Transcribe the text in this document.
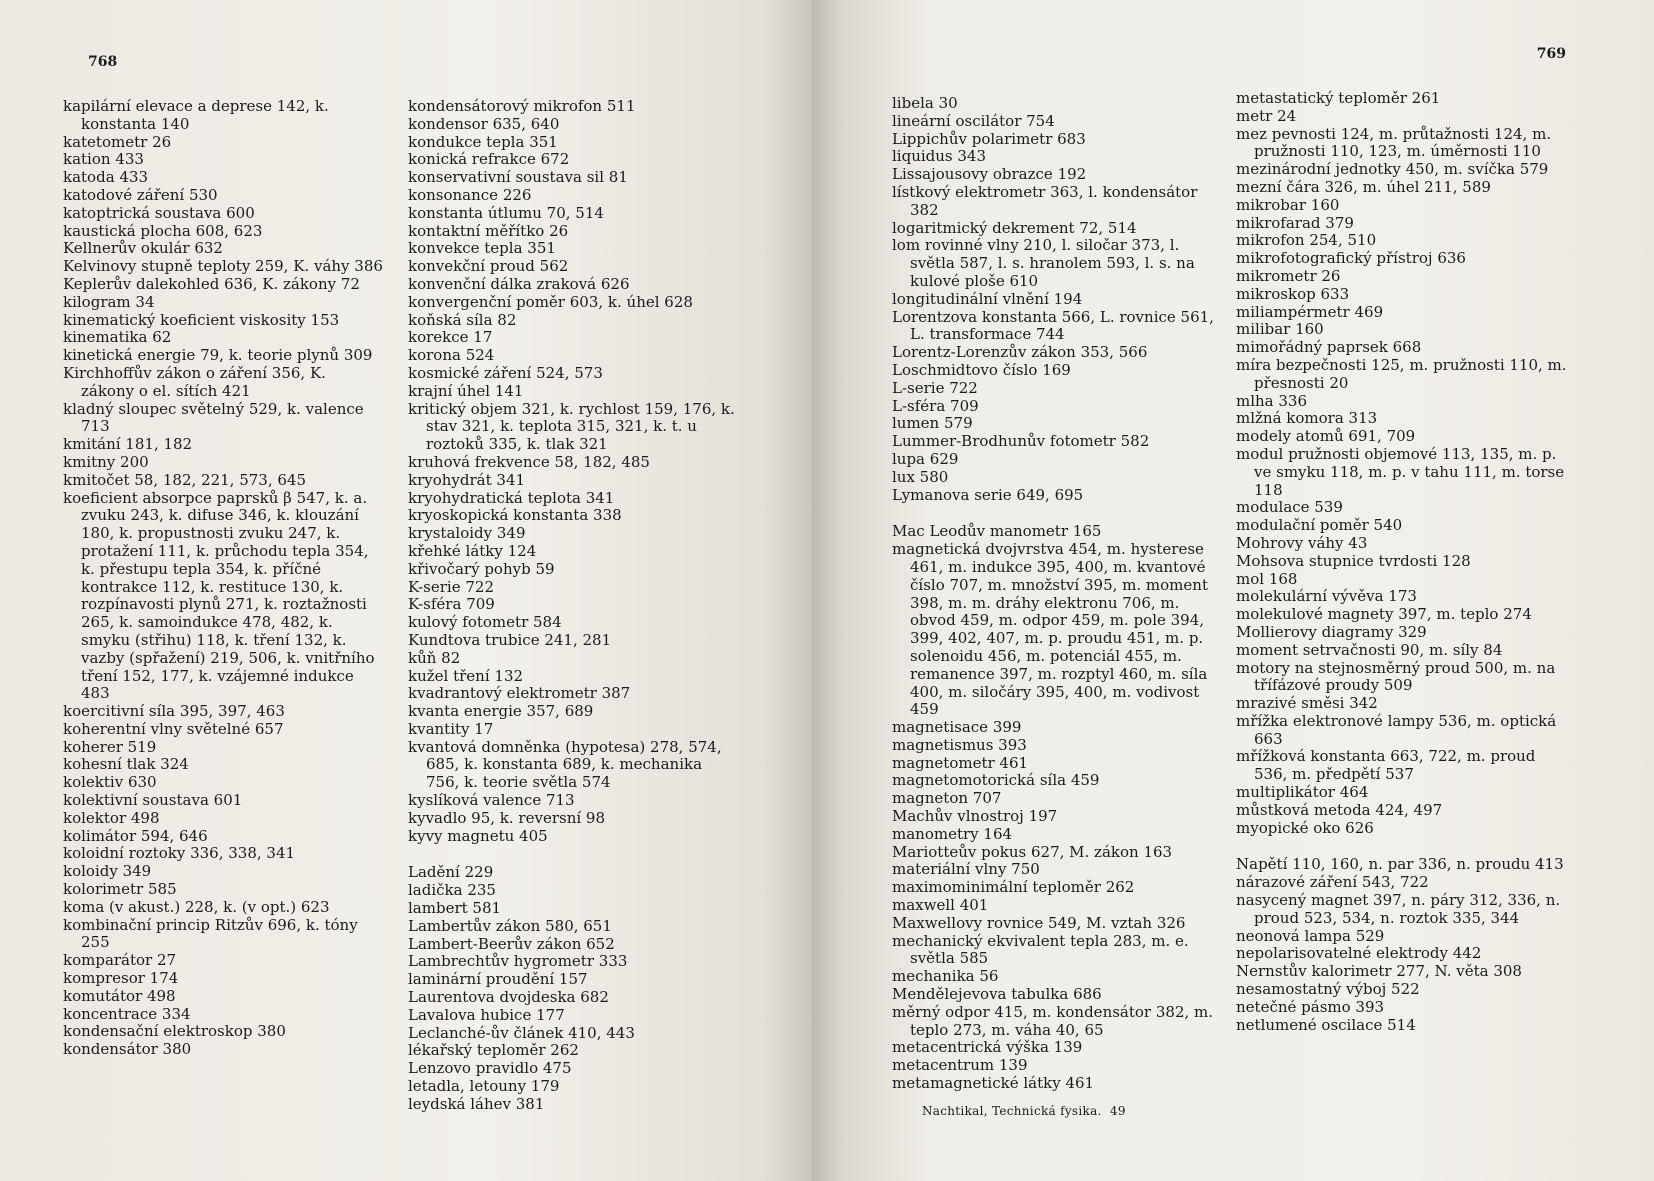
768
kapilární elevace a deprese 142, k. konstanta 140
katetometr 26
kation 433
katoda 433
katodové záření 530
katoptrická soustava 600
kaustická plocha 608, 623
Kellnerův okulár 632
Kelvinovy stupně teploty 259, K. váhy 386
Keplerův dalekohled 636, K. zákony 72
kilogram 34
kinematický koeficient viskosity 153
kinematika 62
kinetická energie 79, k. teorie plynů 309
Kirchhoffův zákon o záření 356, K. zákony o el. sítích 421
kladný sloupec světelný 529, k. valence 713
kmitání 181, 182
kmitny 200
kmitočet 58, 182, 221, 573, 645
koeficient absorpce paprsků β 547, k. a. zvuku 243, k. difuse 346, k. klouzání 180, k. propustnosti zvuku 247, k. protažení 111, k. průchodu tepla 354, k. přestupu tepla 354, k. příčné kontrakce 112, k. restituce 130, k. rozpínavosti plynů 271, k. roztažnosti 265, k. samoindukce 478, 482, k. smyku (střihu) 118, k. tření 132, k. vazby (spřažení) 219, 506, k. vnitřního tření 152, 177, k. vzájemné indukce 483
koercitivní síla 395, 397, 463
koherentní vlny světelné 657
koherer 519
kohesní tlak 324
kolektiv 630
kolektivní soustava 601
kolektor 498
kolimátor 594, 646
koloidní roztoky 336, 338, 341
koloidy 349
kolorimetr 585
koma (v akust.) 228, k. (v opt.) 623
kombinační princip Ritzův 696, k. tóny 255
komparátor 27
kompresor 174
komutátor 498
koncentrace 334
kondensační elektroskop 380
kondensátor 380
kondensátorový mikrofon 511
kondensor 635, 640
kondukce tepla 351
konická refrakce 672
konservativní soustava sil 81
konsonance 226
konstanta útlumu 70, 514
kontaktní měřítko 26
konvekce tepla 351
konvekční proud 562
konvenční dálka zraková 626
konvergenční poměr 603, k. úhel 628
koňská síla 82
korekce 17
korona 524
kosmické záření 524, 573
krajní úhel 141
kritický objem 321, k. rychlost 159, 176, k. stav 321, k. teplota 315, 321, k. t. u roztoků 335, k. tlak 321
kruhová frekvence 58, 182, 485
kryohydrát 341
kryohydratická teplota 341
kryoskopická konstanta 338
krystaloidy 349
křehké látky 124
křivočarý pohyb 59
K-serie 722
K-sféra 709
kulový fotometr 584
Kundtova trubice 241, 281
kůň 82
kužel tření 132
kvadrantový elektrometr 387
kvanta energie 357, 689
kvantity 17
kvantová domněnka (hypotesa) 278, 574, 685, k. konstanta 689, k. mechanika 756, k. teorie světla 574
kyslíková valence 713
kyvadlo 95, k. reversní 98
kyvy magnetu 405
Ladění 229
ladička 235
lambert 581
Lambertův zákon 580, 651
Lambert-Beerův zákon 652
Lambrechtův hygrometr 333
laminární proudění 157
Laurentova dvojdeska 682
Lavalova hubice 177
Leclanché-ův článek 410, 443
lékařský teploměr 262
Lenzovo pravidlo 475
letadla, letouny 179
leydská láhev 381
769
libela 30
lineární oscilátor 754
Lippichův polarimetr 683
liquidus 343
Lissajousovy obrazce 192
lístkový elektrometr 363, l. kondensátor 382
logaritmický dekrement 72, 514
lom rovinné vlny 210, l. siločar 373, l. světla 587, l. s. hranolem 593, l. s. na kulové ploše 610
longitudinální vlnění 194
Lorentzova konstanta 566, L. rovnice 561, L. transformace 744
Lorentz-Lorenzův zákon 353, 566
Loschmidtovo číslo 169
L-serie 722
L-sféra 709
lumen 579
Lummer-Brodhunův fotometr 582
lupa 629
lux 580
Lymanova serie 649, 695
Mac Leodův manometr 165
magnetická dvojvrstva 454, m. hysterese 461, m. indukce 395, 400, m. kvantové číslo 707, m. množství 395, m. moment 398, m. m. dráhy elektronu 706, m. obvod 459, m. odpor 459, m. pole 394, 399, 402, 407, m. p. proudu 451, m. p. solenoidu 456, m. potenciál 455, m. remanence 397, m. rozptyl 460, m. síla 400, m. siločáry 395, 400, m. vodivost 459
magnetisace 399
magnetismus 393
magnetometr 461
magnetomotorická síla 459
magneton 707
Machův vlnostroj 197
manometry 164
Mariotteův pokus 627, M. zákon 163
materiální vlny 750
maximominimální teploměr 262
maxwell 401
Maxwellovy rovnice 549, M. vztah 326
mechanický ekvivalent tepla 283, m. e. světla 585
mechanika 56
Mendělejevova tabulka 686
měrný odpor 415, m. kondensátor 382, m. teplo 273, m. váha 40, 65
metacentrická výška 139
metacentrum 139
metamagnetické látky 461
metastatický teploměr 261
metr 24
mez pevnosti 124, m. průtažnosti 124, m. pružnosti 110, 123, m. úměrnosti 110
mezinárodní jednotky 450, m. svíčka 579
mezní čára 326, m. úhel 211, 589
mikrobar 160
mikrofarad 379
mikrofon 254, 510
mikrofotografický přístroj 636
mikrometr 26
mikroskop 633
miliampérmetr 469
milibar 160
mimořádný paprsek 668
míra bezpečnosti 125, m. pružnosti 110, m. přesnosti 20
mlha 336
mlžná komora 313
modely atomů 691, 709
modul pružnosti objemové 113, 135, m. p. ve smyku 118, m. p. v tahu 111, m. torse 118
modulace 539
modulační poměr 540
Mohrovy váhy 43
Mohsova stupnice tvrdosti 128
mol 168
molekulární vývěva 173
molekulové magnety 397, m. teplo 274
Mollierovy diagramy 329
moment setrvačnosti 90, m. síly 84
motory na stejnosměrný proud 500, m. na třífázové proudy 509
mrazivé směsi 342
mřížka elektronové lampy 536, m. optická 663
mřížková konstanta 663, 722, m. proud 536, m. předpětí 537
multiplikátor 464
můstková metoda 424, 497
myopické oko 626
Napětí 110, 160, n. par 336, n. proudu 413
nárazové záření 543, 722
nasycený magnet 397, n. páry 312, 336, n. proud 523, 534, n. roztok 335, 344
neonová lampa 529
nepolarisovatelné elektrody 442
Nernstův kalorimetr 277, N. věta 308
nesamostatný výboj 522
netečné pásmo 393
netlumené oscilace 514
Nachtikal, Technická fysika. 49
